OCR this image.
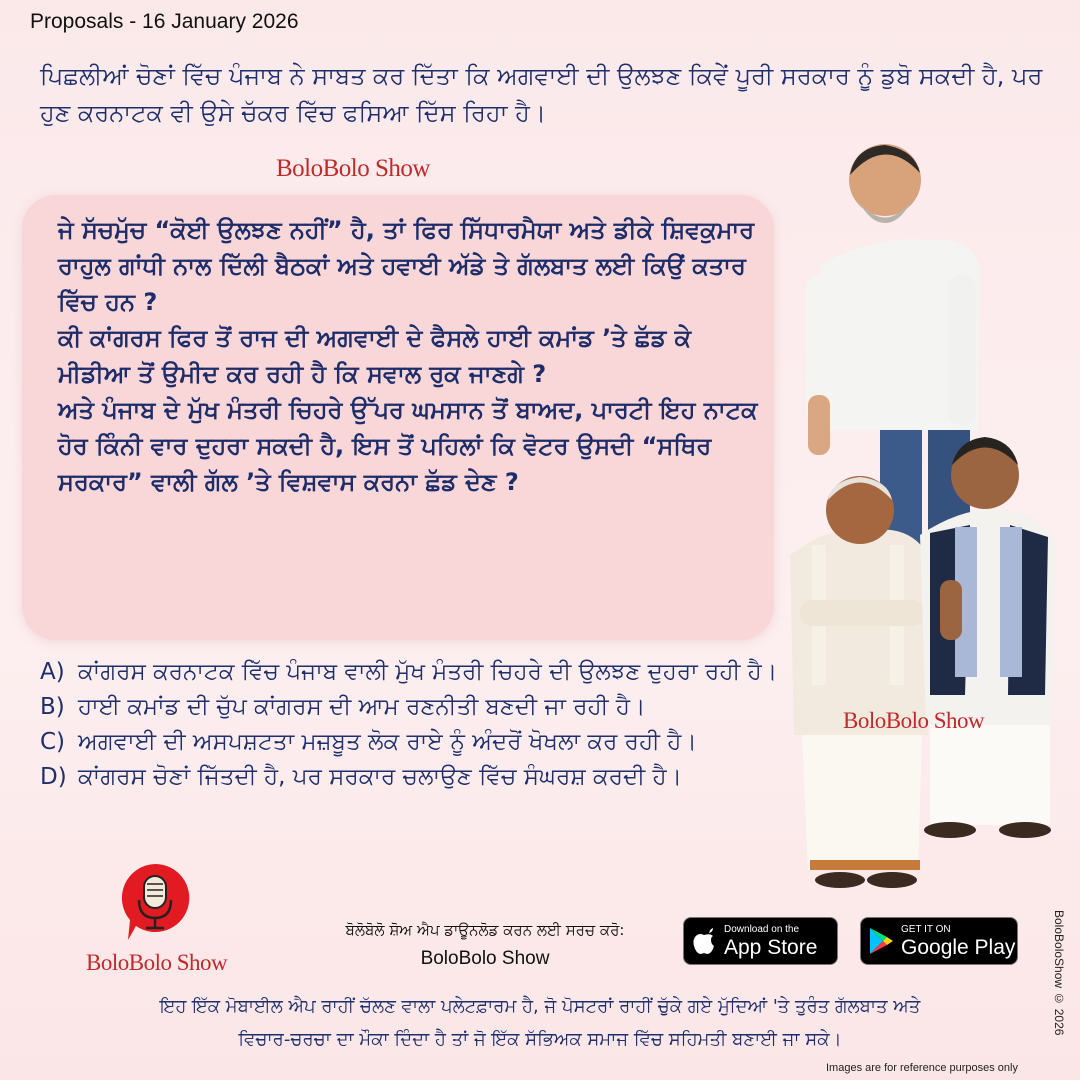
Proposals - 16 January 2026
ਪਿਛਲੀਆਂ ਚੋਣਾਂ ਵਿੱਚ ਪੰਜਾਬ ਨੇ ਸਾਬਤ ਕਰ ਦਿੱਤਾ ਕਿ ਅਗਵਾਈ ਦੀ ਉਲਝਣ ਕਿਵੇਂ ਪੂਰੀ ਸਰਕਾਰ ਨੂੰ ਡੁਬੋ ਸਕਦੀ ਹੈ, ਪਰ ਹੁਣ ਕਰਨਾਟਕ ਵੀ ਉਸੇ ਚੱਕਰ ਵਿੱਚ ਫਸਿਆ ਦਿੱਸ ਰਿਹਾ ਹੈ।
BoloBolo Show

ਜੇ ਸੱਚਮੁੱਚ “ਕੋਈ ਉਲਝਣ ਨਹੀਂ” ਹੈ, ਤਾਂ ਫਿਰ ਸਿੱਧਾਰਮੈਯਾ ਅਤੇ ਡੀਕੇ ਸ਼ਿਵਕੁਮਾਰ ਰਾਹੁਲ ਗਾਂਧੀ ਨਾਲ ਦਿੱਲੀ ਬੈਠਕਾਂ ਅਤੇ ਹਵਾਈ ਅੱਡੇ ਤੇ ਗੱਲਬਾਤ ਲਈ ਕਿਉਂ ਕਤਾਰ ਵਿੱਚ ਹਨ ?

ਕੀ ਕਾਂਗਰਸ ਫਿਰ ਤੋਂ ਰਾਜ ਦੀ ਅਗਵਾਈ ਦੇ ਫੈਸਲੇ ਹਾਈ ਕਮਾਂਡ ’ਤੇ ਛੱਡ ਕੇ ਮੀਡੀਆ ਤੋਂ ਉਮੀਦ ਕਰ ਰਹੀ ਹੈ ਕਿ ਸਵਾਲ ਰੁਕ ਜਾਣਗੇ ?

ਅਤੇ ਪੰਜਾਬ ਦੇ ਮੁੱਖ ਮੰਤਰੀ ਚਿਹਰੇ ਉੱਪਰ ਘਮਸਾਨ ਤੋਂ ਬਾਅਦ, ਪਾਰਟੀ ਇਹ ਨਾਟਕ ਹੋਰ ਕਿੰਨੀ ਵਾਰ ਦੁਹਰਾ ਸਕਦੀ ਹੈ, ਇਸ ਤੋਂ ਪਹਿਲਾਂ ਕਿ ਵੋਟਰ ਉਸਦੀ “ਸਥਿਰ ਸਰਕਾਰ” ਵਾਲੀ ਗੱਲ ’ਤੇ ਵਿਸ਼ਵਾਸ ਕਰਨਾ ਛੱਡ ਦੇਣ ?

A) ਕਾਂਗਰਸ ਕਰਨਾਟਕ ਵਿੱਚ ਪੰਜਾਬ ਵਾਲੀ ਮੁੱਖ ਮੰਤਰੀ ਚਿਹਰੇ ਦੀ ਉਲਝਣ ਦੁਹਰਾ ਰਹੀ ਹੈ।
B) ਹਾਈ ਕਮਾਂਡ ਦੀ ਚੁੱਪ ਕਾਂਗਰਸ ਦੀ ਆਮ ਰਣਨੀਤੀ ਬਣਦੀ ਜਾ ਰਹੀ ਹੈ।
C) ਅਗਵਾਈ ਦੀ ਅਸਪਸ਼ਟਤਾ ਮਜ਼ਬੂਤ ਲੋਕ ਰਾਏ ਨੂੰ ਅੰਦਰੋਂ ਖੋਖਲਾ ਕਰ ਰਹੀ ਹੈ।
D) ਕਾਂਗਰਸ ਚੋਣਾਂ ਜਿੱਤਦੀ ਹੈ, ਪਰ ਸਰਕਾਰ ਚਲਾਉਣ ਵਿੱਚ ਸੰਘਰਸ਼ ਕਰਦੀ ਹੈ।
BoloBolo Show
BoloBolo Show
ਬੋਲੋਬੋਲੋ ਸ਼ੋਅ ਐਪ ਡਾਊਨਲੋਡ ਕਰਨ ਲਈ ਸਰਚ ਕਰੋ:
BoloBolo Show
Download on the
App Store
GET IT ON
Google Play
ਇਹ ਇੱਕ ਮੋਬਾਈਲ ਐਪ ਰਾਹੀਂ ਚੱਲਣ ਵਾਲਾ ਪਲੇਟਫ਼ਾਰਮ ਹੈ, ਜੋ ਪੋਸਟਰਾਂ ਰਾਹੀਂ ਚੁੱਕੇ ਗਏ ਮੁੱਦਿਆਂ 'ਤੇ ਤੁਰੰਤ ਗੱਲਬਾਤ ਅਤੇ
ਵਿਚਾਰ-ਚਰਚਾ ਦਾ ਮੌਕਾ ਦਿੰਦਾ ਹੈ ਤਾਂ ਜੋ ਇੱਕ ਸੱਭਿਅਕ ਸਮਾਜ ਵਿੱਚ ਸਹਿਮਤੀ ਬਣਾਈ ਜਾ ਸਕੇ।
Images are for reference purposes only
BoloBoloShow © 2026
